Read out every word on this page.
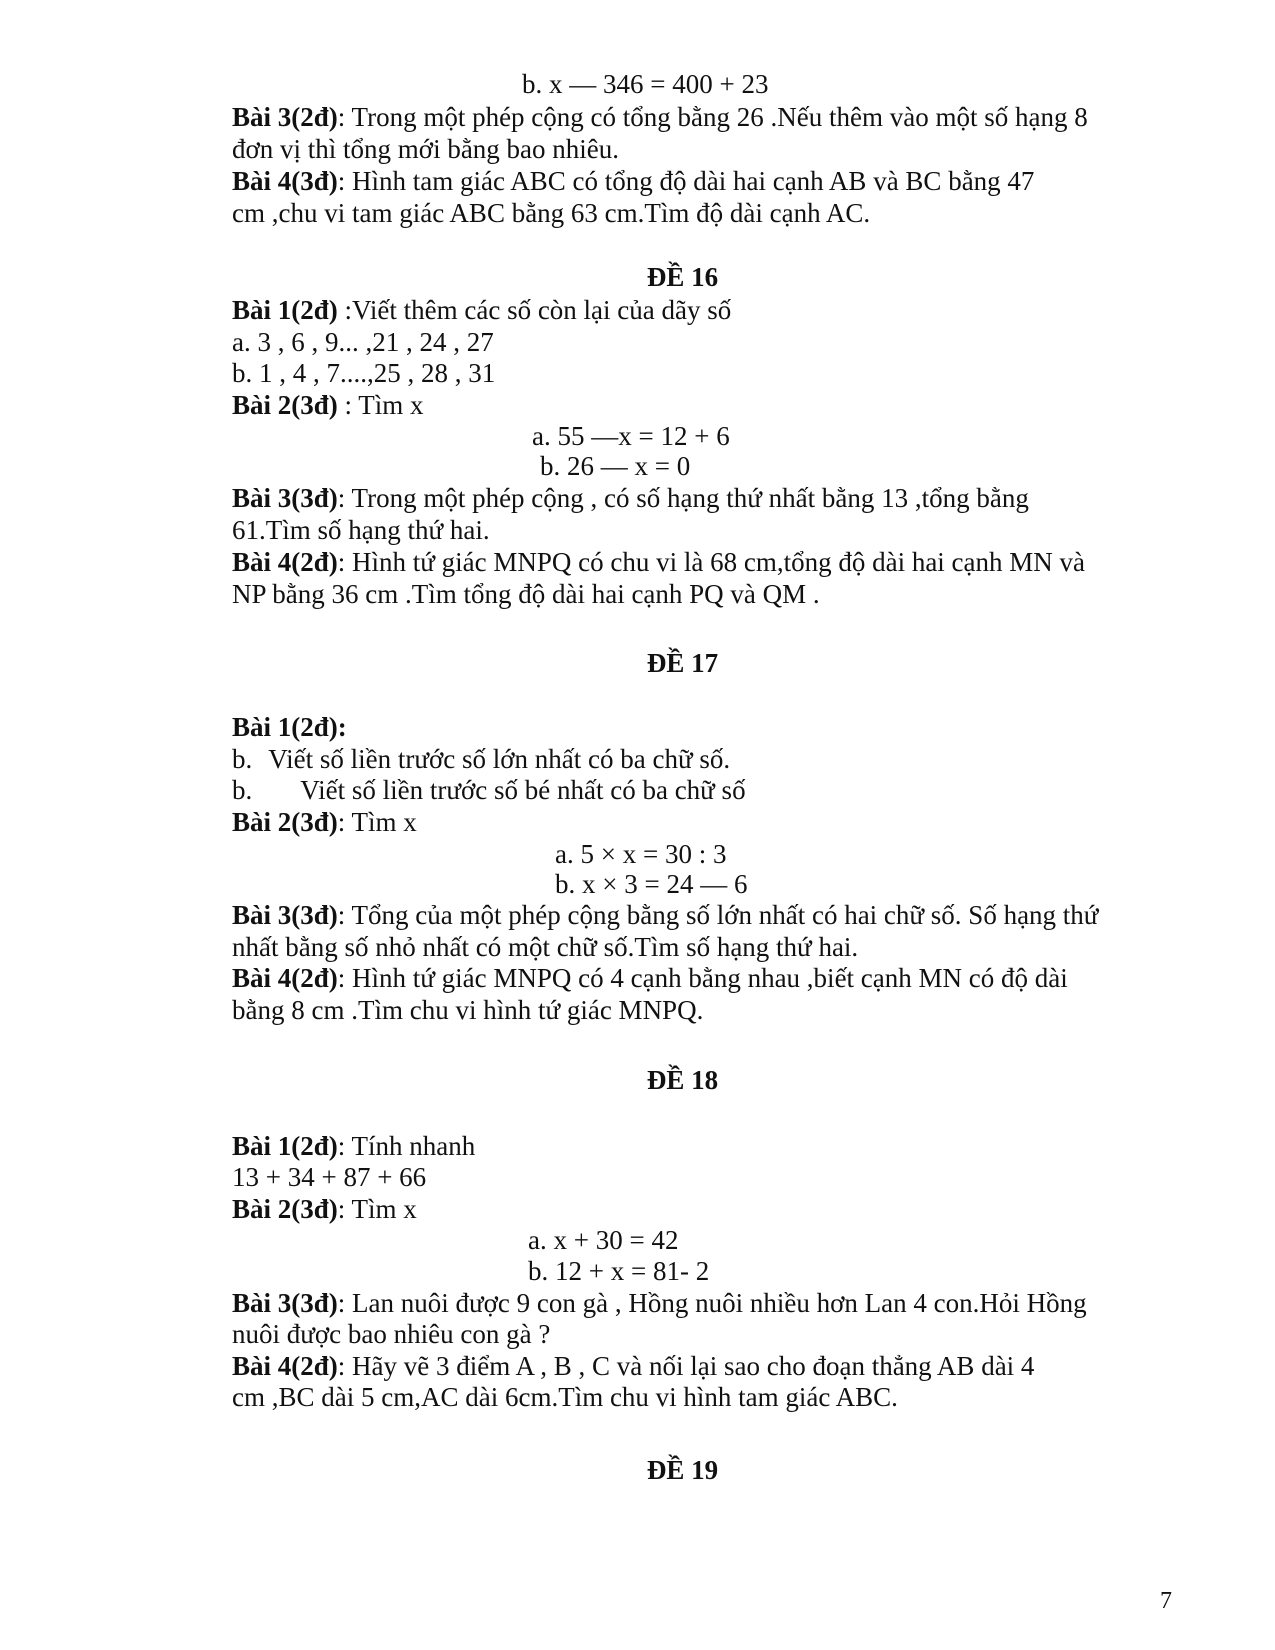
b. x — 346 = 400 + 23
Bài 3(2đ): Trong một phép cộng có tổng bằng 26 .Nếu thêm vào một số hạng 8
đơn vị thì tổng mới bằng bao nhiêu.
Bài 4(3đ): Hình tam giác ABC có tổng độ dài hai cạnh AB và BC bằng 47
cm ,chu vi tam giác ABC bằng 63 cm.Tìm độ dài cạnh AC.
ĐỀ 16
Bài 1(2đ) :Viết thêm các số còn lại của dãy số
a. 3 , 6 , 9... ,21 , 24 , 27
b. 1 , 4 , 7....,25 , 28 , 31
Bài 2(3đ) : Tìm x
a. 55 —x = 12 + 6
b. 26 — x = 0
Bài 3(3đ): Trong một phép cộng , có số hạng thứ nhất bằng 13 ,tổng bằng
61.Tìm số hạng thứ hai.
Bài 4(2đ): Hình tứ giác MNPQ có chu vi là 68 cm,tổng độ dài hai cạnh MN và
NP bằng 36 cm .Tìm tổng độ dài hai cạnh PQ và QM .
ĐỀ 17
Bài 1(2đ):
b. Viết số liền trước số lớn nhất có ba chữ số.
b. Viết số liền trước số bé nhất có ba chữ số
Bài 2(3đ): Tìm x
a. 5 × x = 30 : 3
b. x × 3 = 24 — 6
Bài 3(3đ): Tổng của một phép cộng bằng số lớn nhất có hai chữ số. Số hạng thứ
nhất bằng số nhỏ nhất có một chữ số.Tìm số hạng thứ hai.
Bài 4(2đ): Hình tứ giác MNPQ có 4 cạnh bằng nhau ,biết cạnh MN có độ dài
bằng 8 cm .Tìm chu vi hình tứ giác MNPQ.
ĐỀ 18
Bài 1(2đ): Tính nhanh
13 + 34 + 87 + 66
Bài 2(3đ): Tìm x
a. x + 30 = 42
b. 12 + x = 81- 2
Bài 3(3đ): Lan nuôi được 9 con gà , Hồng nuôi nhiều hơn Lan 4 con.Hỏi Hồng
nuôi được bao nhiêu con gà ?
Bài 4(2đ): Hãy vẽ 3 điểm A , B , C và nối lại sao cho đoạn thẳng AB dài 4
cm ,BC dài 5 cm,AC dài 6cm.Tìm chu vi hình tam giác ABC.
ĐỀ 19
7
